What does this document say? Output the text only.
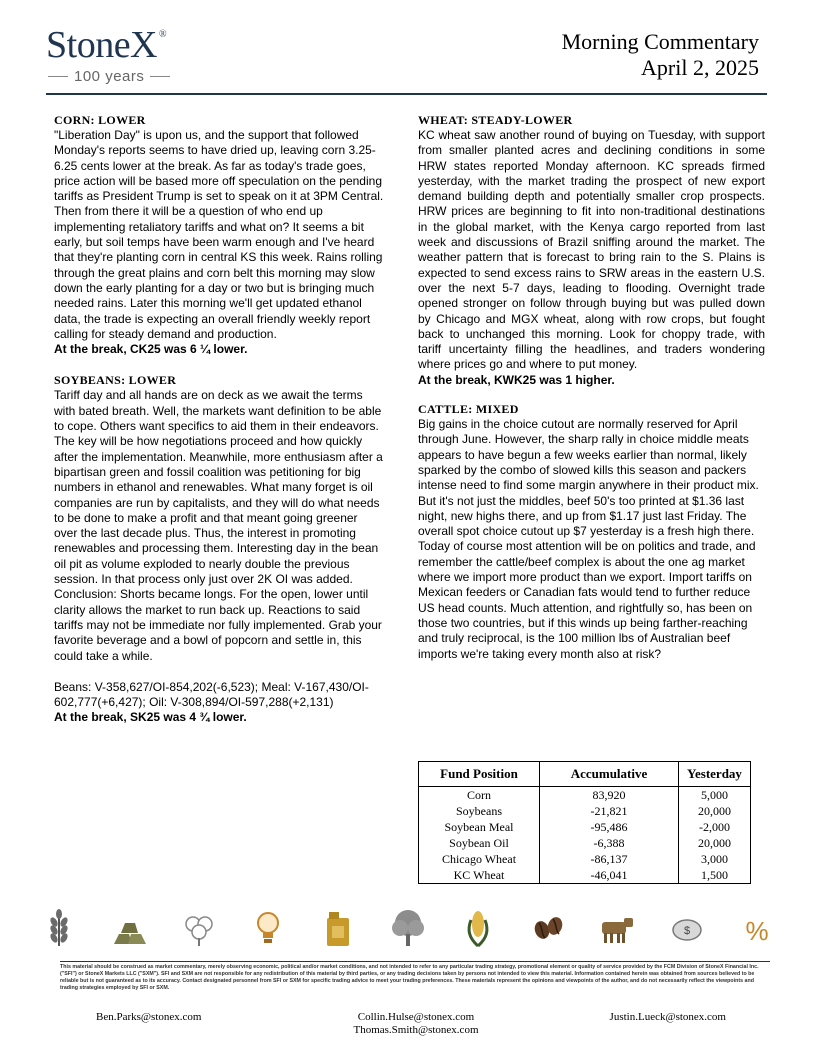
StoneX ®
100 years
Morning Commentary
April 2, 2025
CORN: LOWER

"Liberation Day" is upon us, and the support that followed Monday's reports seems to have dried up, leaving corn 3.25-6.25 cents lower at the break. As far as today's trade goes, price action will be based more off speculation on the pending tariffs as President Trump is set to speak on it at 3PM Central. Then from there it will be a question of who end up implementing retaliatory tariffs and what on? It seems a bit early, but soil temps have been warm enough and I've heard that they're planting corn in central KS this week. Rains rolling through the great plains and corn belt this morning may slow down the early planting for a day or two but is bringing much needed rains. Later this morning we'll get updated ethanol data, the trade is expecting an overall friendly weekly report calling for steady demand and production.

At the break, CK25 was 6 ¼ lower.

SOYBEANS: LOWER

Tariff day and all hands are on deck as we await the terms with bated breath. Well, the markets want definition to be able to cope. Others want specifics to aid them in their endeavors. The key will be how negotiations proceed and how quickly after the implementation. Meanwhile, more enthusiasm after a bipartisan green and fossil coalition was petitioning for big numbers in ethanol and renewables. What many forget is oil companies are run by capitalists, and they will do what needs to be done to make a profit and that meant going greener over the last decade plus. Thus, the interest in promoting renewables and processing them. Interesting day in the bean oil pit as volume exploded to nearly double the previous session. In that process only just over 2K OI was added. Conclusion: Shorts became longs. For the open, lower until clarity allows the market to run back up. Reactions to said tariffs may not be immediate nor fully implemented. Grab your favorite beverage and a bowl of popcorn and settle in, this could take a while.

Beans: V-358,627/OI-854,202(-6,523); Meal: V-167,430/OI-602,777(+6,427); Oil: V-308,894/OI-597,288(+2,131)

At the break, SK25 was 4 ¾ lower.

WHEAT: STEADY-LOWER

KC wheat saw another round of buying on Tuesday, with support from smaller planted acres and declining conditions in some HRW states reported Monday afternoon. KC spreads firmed yesterday, with the market trading the prospect of new export demand building depth and potentially smaller crop prospects. HRW prices are beginning to fit into non-traditional destinations in the global market, with the Kenya cargo reported from last week and discussions of Brazil sniffing around the market. The weather pattern that is forecast to bring rain to the S. Plains is expected to send excess rains to SRW areas in the eastern U.S. over the next 5-7 days, leading to flooding. Overnight trade opened stronger on follow through buying but was pulled down by Chicago and MGX wheat, along with row crops, but fought back to unchanged this morning. Look for choppy trade, with tariff uncertainty filling the headlines, and traders wondering where prices go and where to put money.

At the break, KWK25 was 1 higher.

CATTLE: MIXED

Big gains in the choice cutout are normally reserved for April through June. However, the sharp rally in choice middle meats appears to have begun a few weeks earlier than normal, likely sparked by the combo of slowed kills this season and packers intense need to find some margin anywhere in their product mix. But it's not just the middles, beef 50's too printed at $1.36 last night, new highs there, and up from $1.17 just last Friday. The overall spot choice cutout up $7 yesterday is a fresh high there. Today of course most attention will be on politics and trade, and remember the cattle/beef complex is about the one ag market where we import more product than we export. Import tariffs on Mexican feeders or Canadian fats would tend to further reduce US head counts. Much attention, and rightfully so, has been on those two countries, but if this winds up being farther-reaching and truly reciprocal, is the 100 million lbs of Australian beef imports we're taking every month also at risk?

Fund Position	Accumulative	Yesterday
Corn	83,920	5,000
Soybeans	-21,821	20,000
Soybean Meal	-95,486	-2,000
Soybean Oil	-6,388	20,000
Chicago Wheat	-86,137	3,000
KC Wheat	-46,041	1,500
$ %
This material should be construed as market commentary, merely observing economic, political and/or market conditions, and not intended to refer to any particular trading strategy, promotional element or quality of service provided by the FCM Division of StoneX Financial Inc. ("SFI") or StoneX Markets LLC ("SXM"). SFI and SXM are not responsible for any redistribution of this material by third parties, or any trading decisions taken by persons not intended to view this material. Information contained herein was obtained from sources believed to be reliable but is not guaranteed as to its accuracy. Contact designated personnel from SFI or SXM for specific trading advice to meet your trading preferences. These materials represent the opinions and viewpoints of the author, and do not necessarily reflect the viewpoints and trading strategies employed by SFI or SXM.
Ben.Parks@stonex.com	Collin.Hulse@stonex.com
Thomas.Smith@stonex.com
Justin.Lueck@stonex.com
